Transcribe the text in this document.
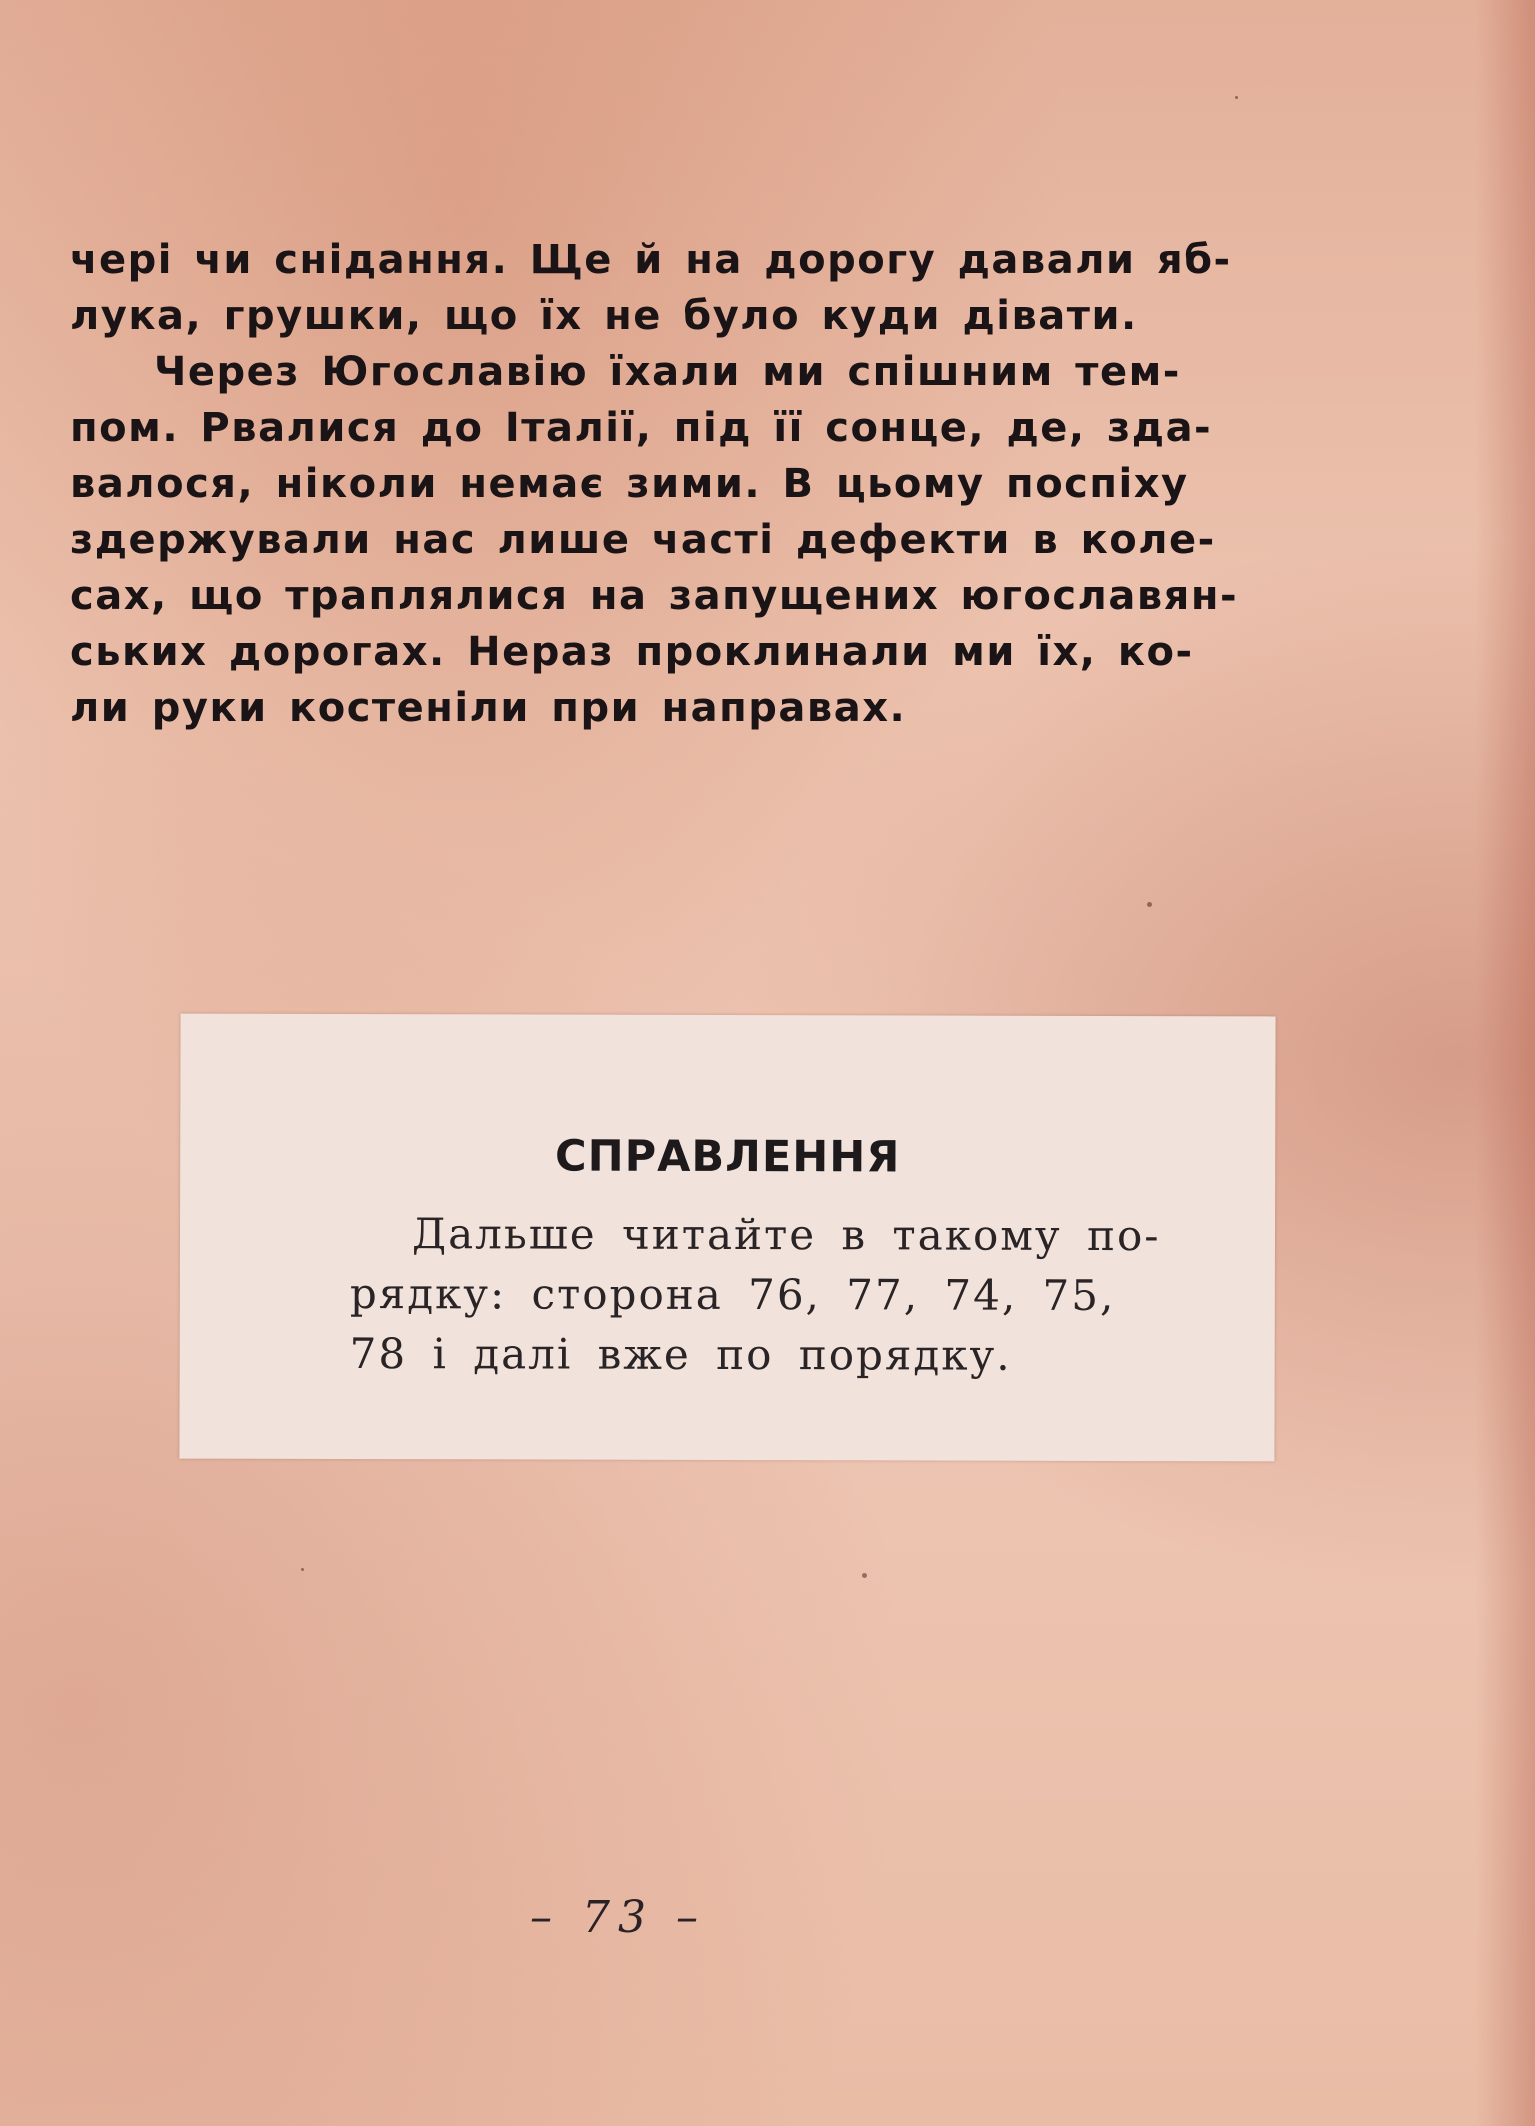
чері чи снідання. Ще й на дорогу давали яб-
лука, грушки, що їх не було куди дівати.
Через Югославію їхали ми спішним тем-
пом. Рвалися до Італії, під її сонце, де, зда-
валося, ніколи немає зими. В цьому поспіху
здержували нас лише часті дефекти в коле-
сах, що траплялися на запущених югославян-
ських дорогах. Нераз проклинали ми їх, ко-
ли руки костеніли при направах.
СПРАВЛЕННЯ
Дальше читайте в такому по-
рядку: сторона 76, 77, 74, 75,
78 і далі вже по порядку.
– 73 –
